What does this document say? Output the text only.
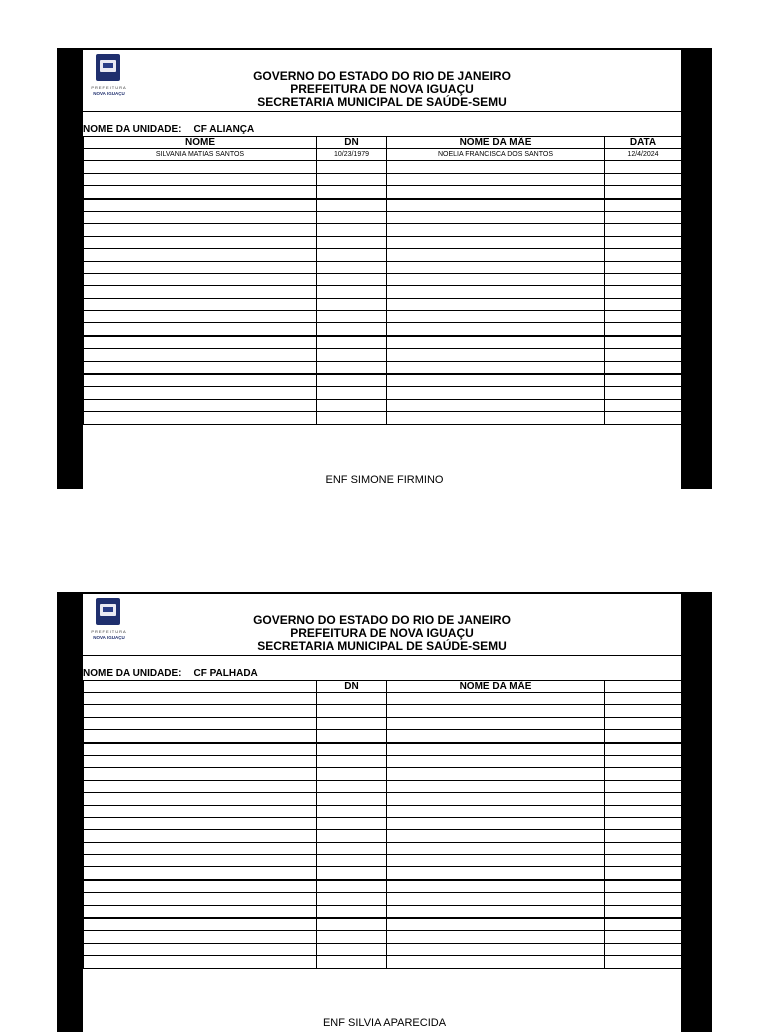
PREFEITURA
NOVA IGUAÇU
GOVERNO DO ESTADO DO RIO DE JANEIRO
PREFEITURA DE NOVA IGUAÇU
SECRETARIA MUNICIPAL DE SAÚDE-SEMU
NOME DA UNIDADE: CF ALIANÇA
NOME	DN	NOME DA MÃE	DATA
SILVANIA MATIAS SANTOS	10/23/1979	NOELIA FRANCISCA DOS SANTOS	12/4/2024

ENF SIMONE FIRMINO
PREFEITURA
NOVA IGUAÇU
GOVERNO DO ESTADO DO RIO DE JANEIRO
PREFEITURA DE NOVA IGUAÇU
SECRETARIA MUNICIPAL DE SAÚDE-SEMU
NOME DA UNIDADE: CF PALHADA
	DN	NOME DA MÃE	

ENF SILVIA APARECIDA
